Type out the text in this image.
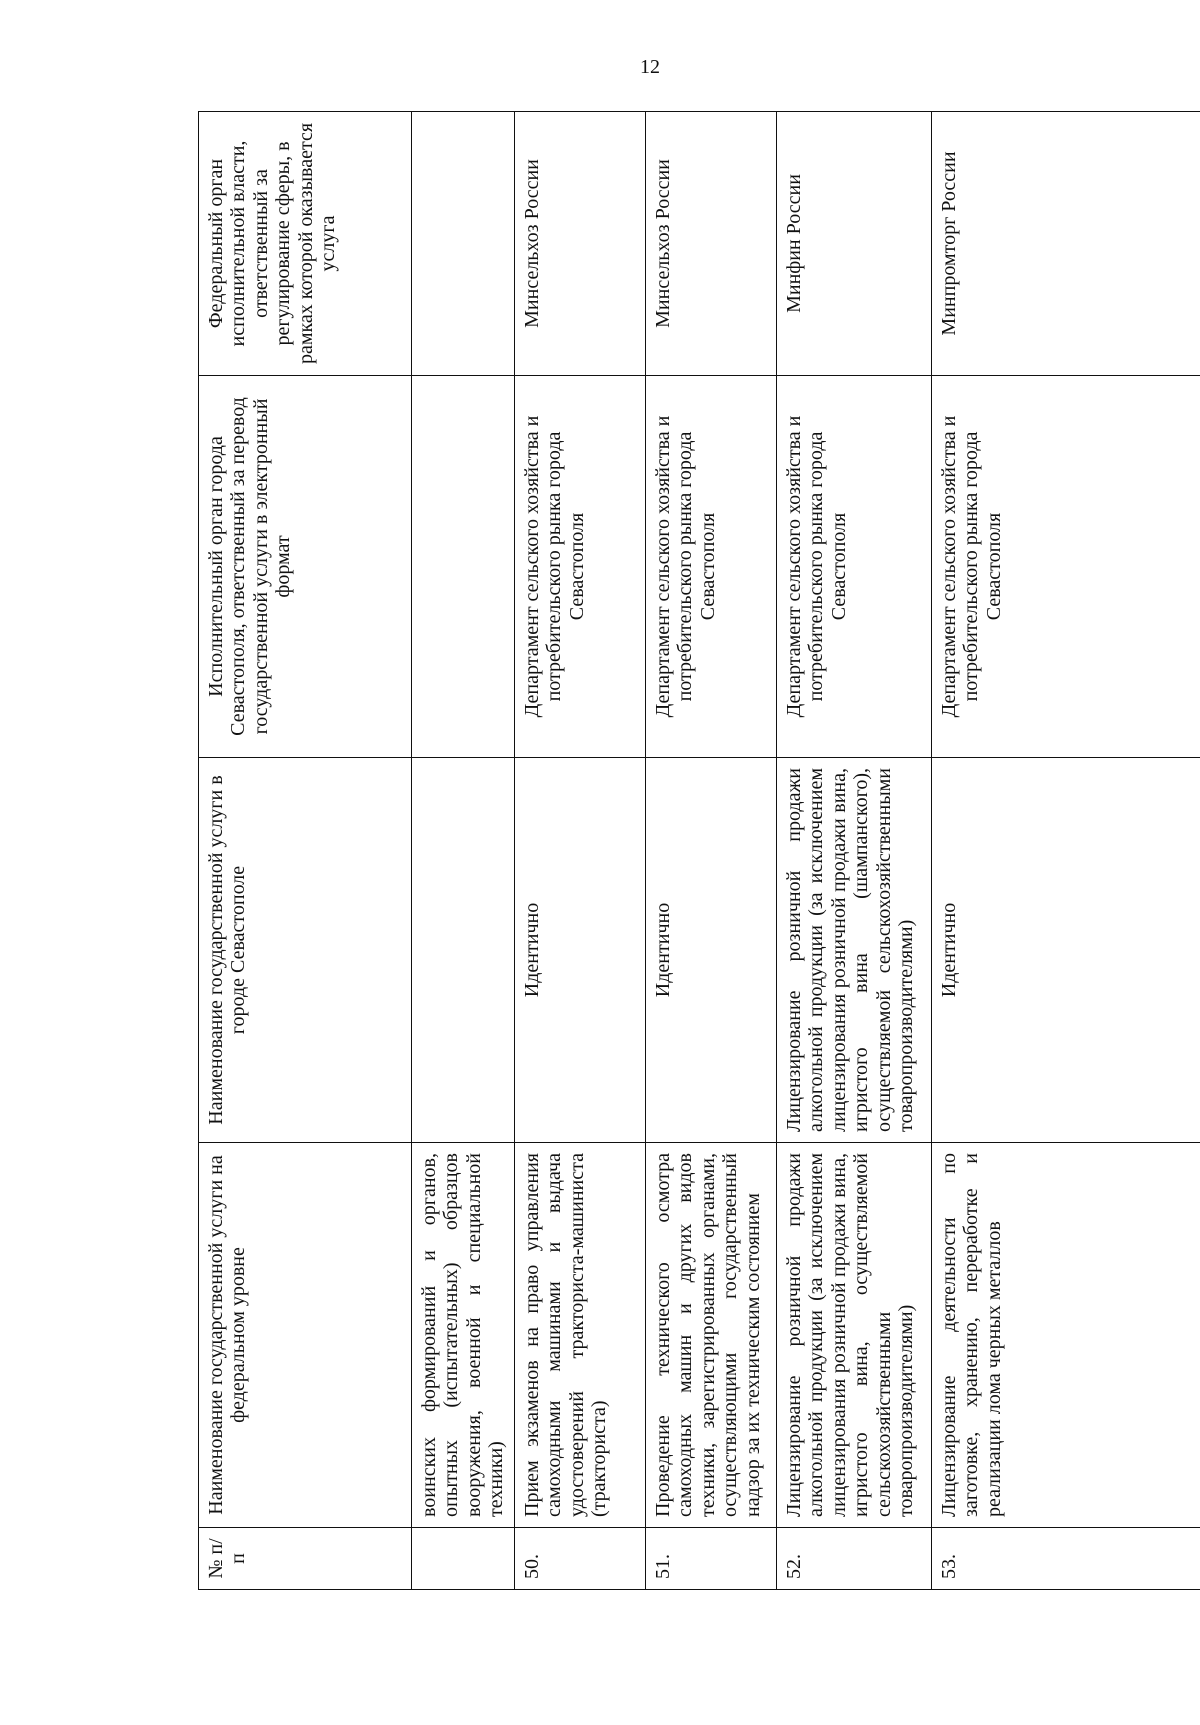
12
№ п/п	Наименование государственной услуги на федеральном уровне	Наименование государственной услуги в городе Севастополе	Исполнительный орган города Севастополя, ответственный за перевод государственной услуги в электронный формат	Федеральный орган исполнительной власти, ответственный за регулирование сферы, в рамках которой оказывается услуга
	воинских формирований и органов, опытных (испытательных) образцов вооружения, военной и специальной техники)			
50.	Прием экзаменов на право управления самоходными машинами и выдача удостоверений тракториста-машиниста (тракториста)	Идентично	Департамент сельского хозяйства и потребительского рынка города Севастополя	Минсельхоз России
51.	Проведение технического осмотра самоходных машин и других видов техники, зарегистрированных органами, осуществляющими государственный надзор за их техническим состоянием	Идентично	Департамент сельского хозяйства и потребительского рынка города Севастополя	Минсельхоз России
52.	Лицензирование розничной продажи алкогольной продукции (за исключением лицензирования розничной продажи вина, игристого вина, осуществляемой сельскохозяйственными товаропроизводителями)	Лицензирование розничной продажи алкогольной продукции (за исключением лицензирования розничной продажи вина, игристого вина (шампанского), осуществляемой сельскохозяйственными товаропроизводителями)	Департамент сельского хозяйства и потребительского рынка города Севастополя	Минфин России
53.	Лицензирование деятельности по заготовке, хранению, переработке и реализации лома черных металлов	Идентично	Департамент сельского хозяйства и потребительского рынка города Севастополя	Минпромторг России
